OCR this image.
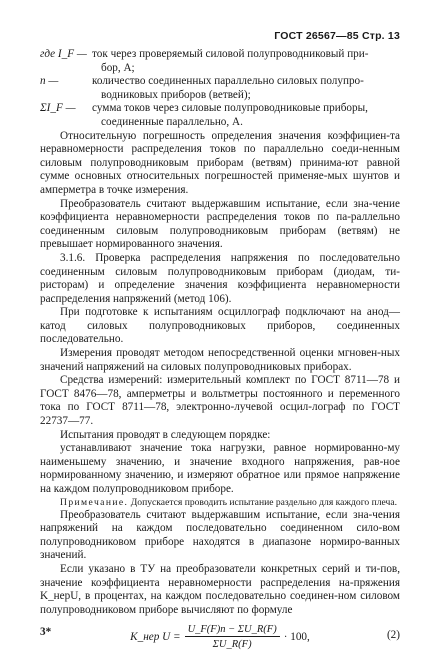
ГОСТ 26567—85 Стр. 13
где I_F — ток через проверяемый силовой полупроводниковый при-
бор, А;
n —	количество соединенных параллельно силовых полупро-
водниковых приборов (ветвей);
ΣI_F —	сумма токов через силовые полупроводниковые приборы,
соединенные параллельно, А.

Относительную погрешность определения значения коэффициен-та неравномерности распределения токов по параллельно соеди-ненным силовым полупроводниковым приборам (ветвям) принима-ют равной сумме основных относительных погрешностей применяе-мых шунтов и амперметра в точке измерения.

Преобразователь считают выдержавшим испытание, если зна-чение коэффициента неравномерности распределения токов по па-раллельно соединенным силовым полупроводниковым приборам (ветвям) не превышает нормированного значения.

3.1.6. Проверка распределения напряжения по последовательно соединенным силовым полупроводниковым приборам (диодам, ти-ристорам) и определение значения коэффициента неравномерности распределения напряжений (метод 106).

При подготовке к испытаниям осциллограф подключают на анод—катод силовых полупроводниковых приборов, соединенных последовательно.

Измерения проводят методом непосредственной оценки мгновен-ных значений напряжений на силовых полупроводниковых приборах.

Средства измерений: измерительный комплект по ГОСТ 8711—78 и ГОСТ 8476—78, амперметры и вольтметры постоянного и переменного тока по ГОСТ 8711—78, электронно-лучевой осцил-лограф по ГОСТ 22737—77.

Испытания проводят в следующем порядке:

устанавливают значение тока нагрузки, равное нормированно-му наименьшему значению, и значение входного напряжения, рав-ное нормированному значению, и измеряют обратное или прямое напряжение на каждом полупроводниковом приборе.

Примечание. Допускается проводить испытание раздельно для каждого плеча.

Преобразователь считают выдержавшим испытание, если зна-чения напряжений на каждом последовательно соединенном сило-вом полупроводниковом приборе находятся в диапазоне нормиро-ванных значений.

Если указано в ТУ на преобразователи конкретных серий и ти-пов, значение коэффициента неравномерности распределения на-пряжения K_нерU, в процентах, на каждом последовательно соединен-ном силовом полупроводниковом приборе вычисляют по формуле

K_нер $U = \frac{U\_F(F)n - \Sigma U\_R(F)}{\Sigma U\_R(F)} \cdot 100$,	(2)
3*
